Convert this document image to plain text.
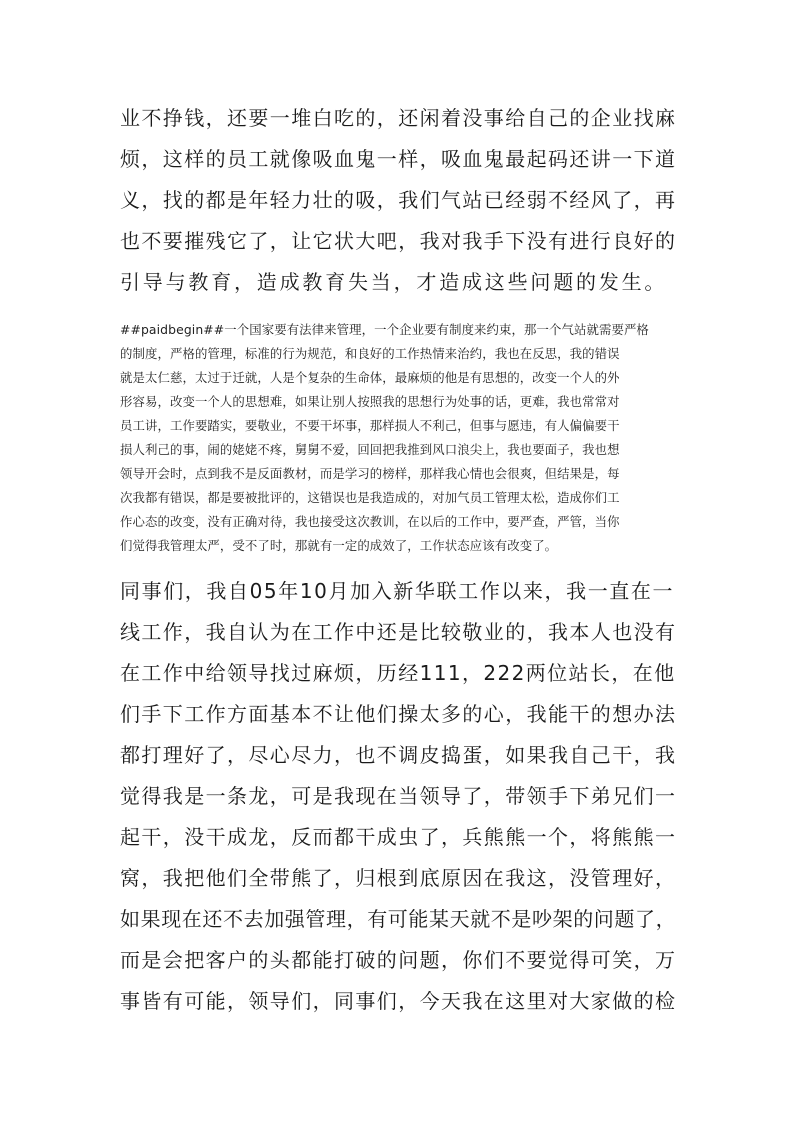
业不挣钱，还要一堆白吃的，还闲着没事给自己的企业找麻
烦，这样的员工就像吸血鬼一样，吸血鬼最起码还讲一下道
义，找的都是年轻力壮的吸，我们气站已经弱不经风了，再
也不要摧残它了，让它状大吧，我对我手下没有进行良好的
引导与教育，造成教育失当，才造成这些问题的发生。
##paidbegin##一个国家要有法律来管理，一个企业要有制度来约束，那一个气站就需要严格
的制度，严格的管理，标准的行为规范，和良好的工作热情来治约，我也在反思，我的错误
就是太仁慈，太过于迁就，人是个复杂的生命体，最麻烦的他是有思想的，改变一个人的外
形容易，改变一个人的思想难，如果让别人按照我的思想行为处事的话，更难，我也常常对
员工讲，工作要踏实，要敬业，不要干坏事，那样损人不利己，但事与愿违，有人偏偏要干
损人利己的事，闹的姥姥不疼，舅舅不爱，回回把我推到风口浪尖上，我也要面子，我也想
领导开会时，点到我不是反面教材，而是学习的榜样，那样我心情也会很爽，但结果是，每
次我都有错误，都是要被批评的，这错误也是我造成的，对加气员工管理太松，造成你们工
作心态的改变，没有正确对待，我也接受这次教训，在以后的工作中，要严查，严管，当你
们觉得我管理太严，受不了时，那就有一定的成效了，工作状态应该有改变了。
同事们，我自05年10月加入新华联工作以来，我一直在一
线工作，我自认为在工作中还是比较敬业的，我本人也没有
在工作中给领导找过麻烦，历经111，222两位站长，在他
们手下工作方面基本不让他们操太多的心，我能干的想办法
都打理好了，尽心尽力，也不调皮捣蛋，如果我自己干，我
觉得我是一条龙，可是我现在当领导了，带领手下弟兄们一
起干，没干成龙，反而都干成虫了，兵熊熊一个，将熊熊一
窝，我把他们全带熊了，归根到底原因在我这，没管理好，
如果现在还不去加强管理，有可能某天就不是吵架的问题了，
而是会把客户的头都能打破的问题，你们不要觉得可笑，万
事皆有可能，领导们，同事们，今天我在这里对大家做的检
